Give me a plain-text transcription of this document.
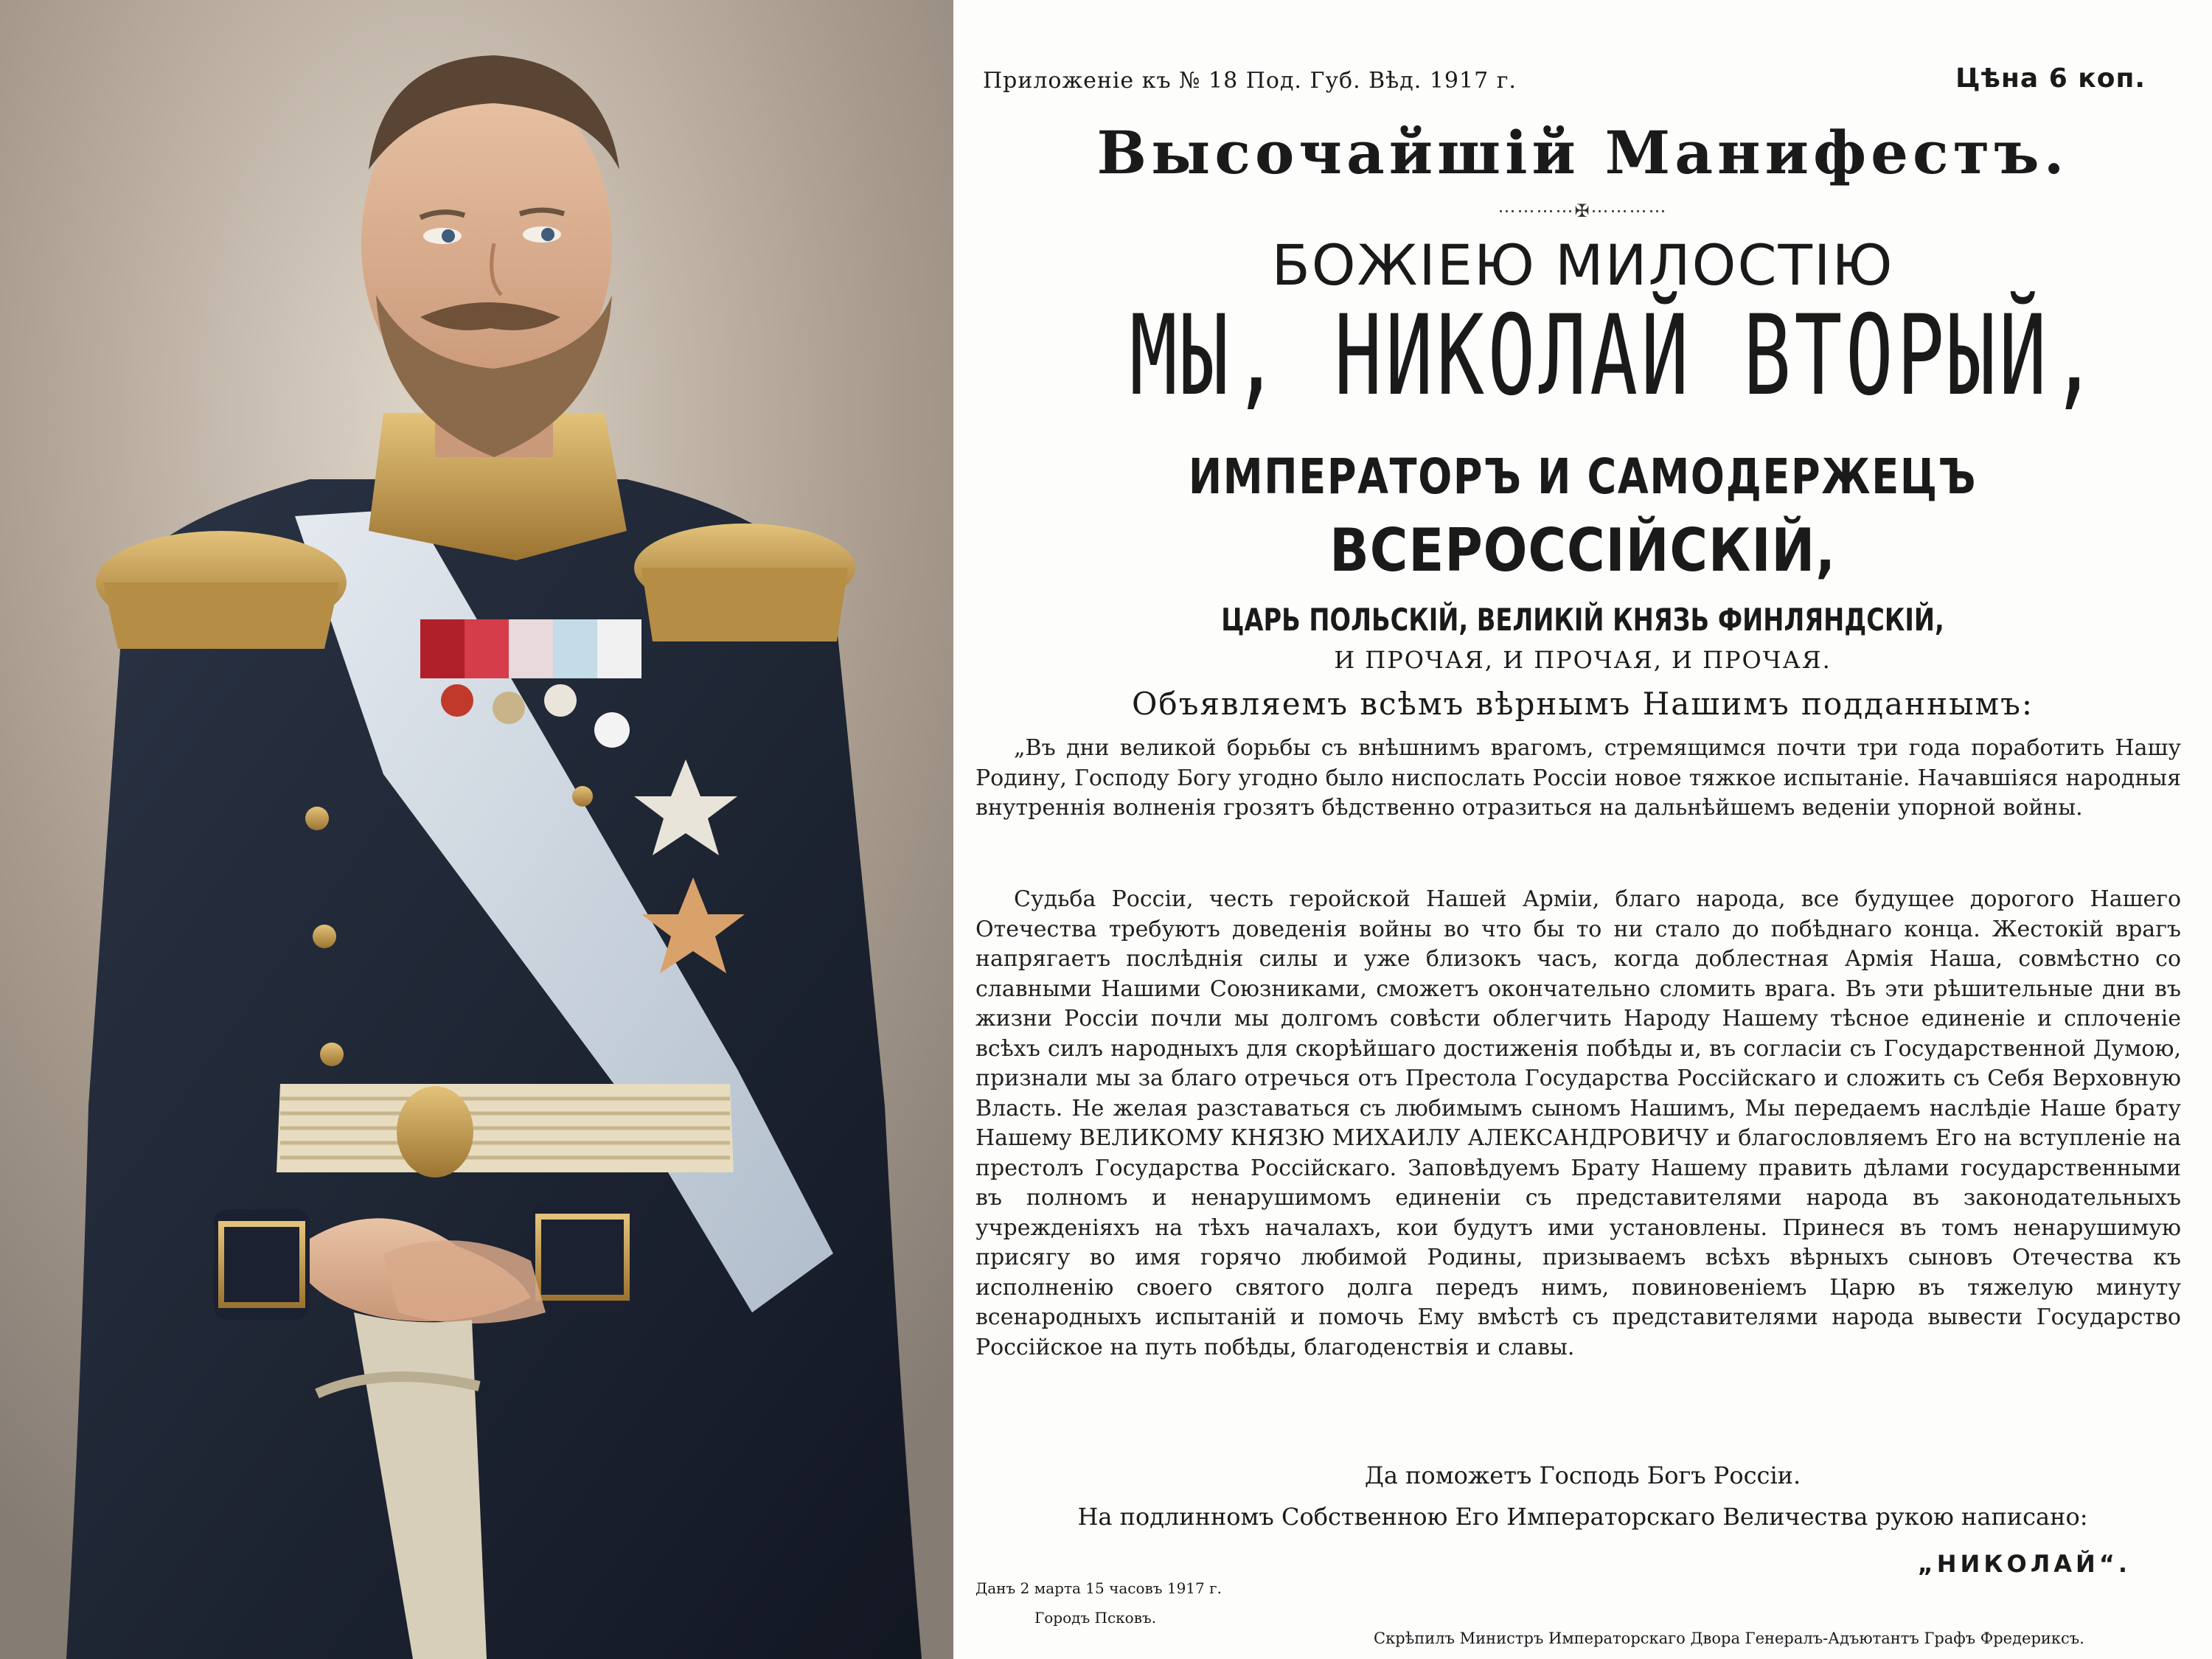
Приложеніе къ № 18 Под. Губ. Вѣд. 1917 г.	Цѣна 6 коп.
Высочайшій Манифестъ.
⋯⋯⋯⋯✠⋯⋯⋯⋯
БОЖІЕЮ МИЛОСТІЮ
МЫ, НИКОЛАЙ ВТОРЫЙ,
ИМПЕРАТОРЪ И САМОДЕРЖЕЦЪ
ВСЕРОССІЙСКІЙ,
ЦАРЬ ПОЛЬСКІЙ, ВЕЛИКІЙ КНЯЗЬ ФИНЛЯНДСКІЙ,
И ПРОЧАЯ, И ПРОЧАЯ, И ПРОЧАЯ.
Объявляемъ всѣмъ вѣрнымъ Нашимъ подданнымъ:
„Въ дни великой борьбы съ внѣшнимъ врагомъ, стремящимся почти три года поработить Нашу Родину, Господу Богу угодно было ниспослать Россіи новое тяжкое испытаніе. Начавшіяся народныя внутреннія волненія грозятъ бѣдственно отразиться на дальнѣйшемъ веденіи упорной войны.
Судьба Россіи, честь геройской Нашей Арміи, благо народа, все будущее дорогого Нашего Отечества требуютъ доведенія войны во что бы то ни стало до побѣднаго конца. Жестокій врагъ напрягаетъ послѣднія силы и уже близокъ часъ, когда доблестная Армія Наша, совмѣстно со славными Нашими Союзниками, сможетъ окончательно сломить врага. Въ эти рѣшительные дни въ жизни Россіи почли мы долгомъ совѣсти облегчить Народу Нашему тѣсное единеніе и сплоченіе всѣхъ силъ народныхъ для скорѣйшаго достиженія побѣды и, въ согласіи съ Государственной Думою, признали мы за благо отречься отъ Престола Государства Россійскаго и сложить съ Себя Верховную Власть. Не желая разставаться съ любимымъ сыномъ Нашимъ, Мы передаемъ наслѣдіе Наше брату Нашему ВЕЛИКОМУ КНЯЗЮ МИХАИЛУ АЛЕКСАНДРОВИЧУ и благословляемъ Его на вступленіе на престолъ Государства Россійскаго. Заповѣдуемъ Брату Нашему править дѣлами государственными въ полномъ и ненарушимомъ единеніи съ представителями народа въ законодательныхъ учрежденіяхъ на тѣхъ началахъ, кои будутъ ими установлены. Принеся въ томъ ненарушимую присягу во имя горячо любимой Родины, призываемъ всѣхъ вѣрныхъ сыновъ Отечества къ исполненію своего святого долга передъ нимъ, повиновеніемъ Царю въ тяжелую минуту всенародныхъ испытаній и помочь Ему вмѣстѣ съ представителями народа вывести Государство Россійское на путь побѣды, благоденствія и славы.
Да поможетъ Господь Богъ Россіи.
На подлинномъ Собственною Его Императорскаго Величества рукою написано:
„НИКОЛАЙ“.
Данъ 2 марта 15 часовъ 1917 г.
Городъ Псковъ.
Скрѣпилъ Министръ Императорскаго Двора Генералъ-Адъютантъ Графъ Фредериксъ.
